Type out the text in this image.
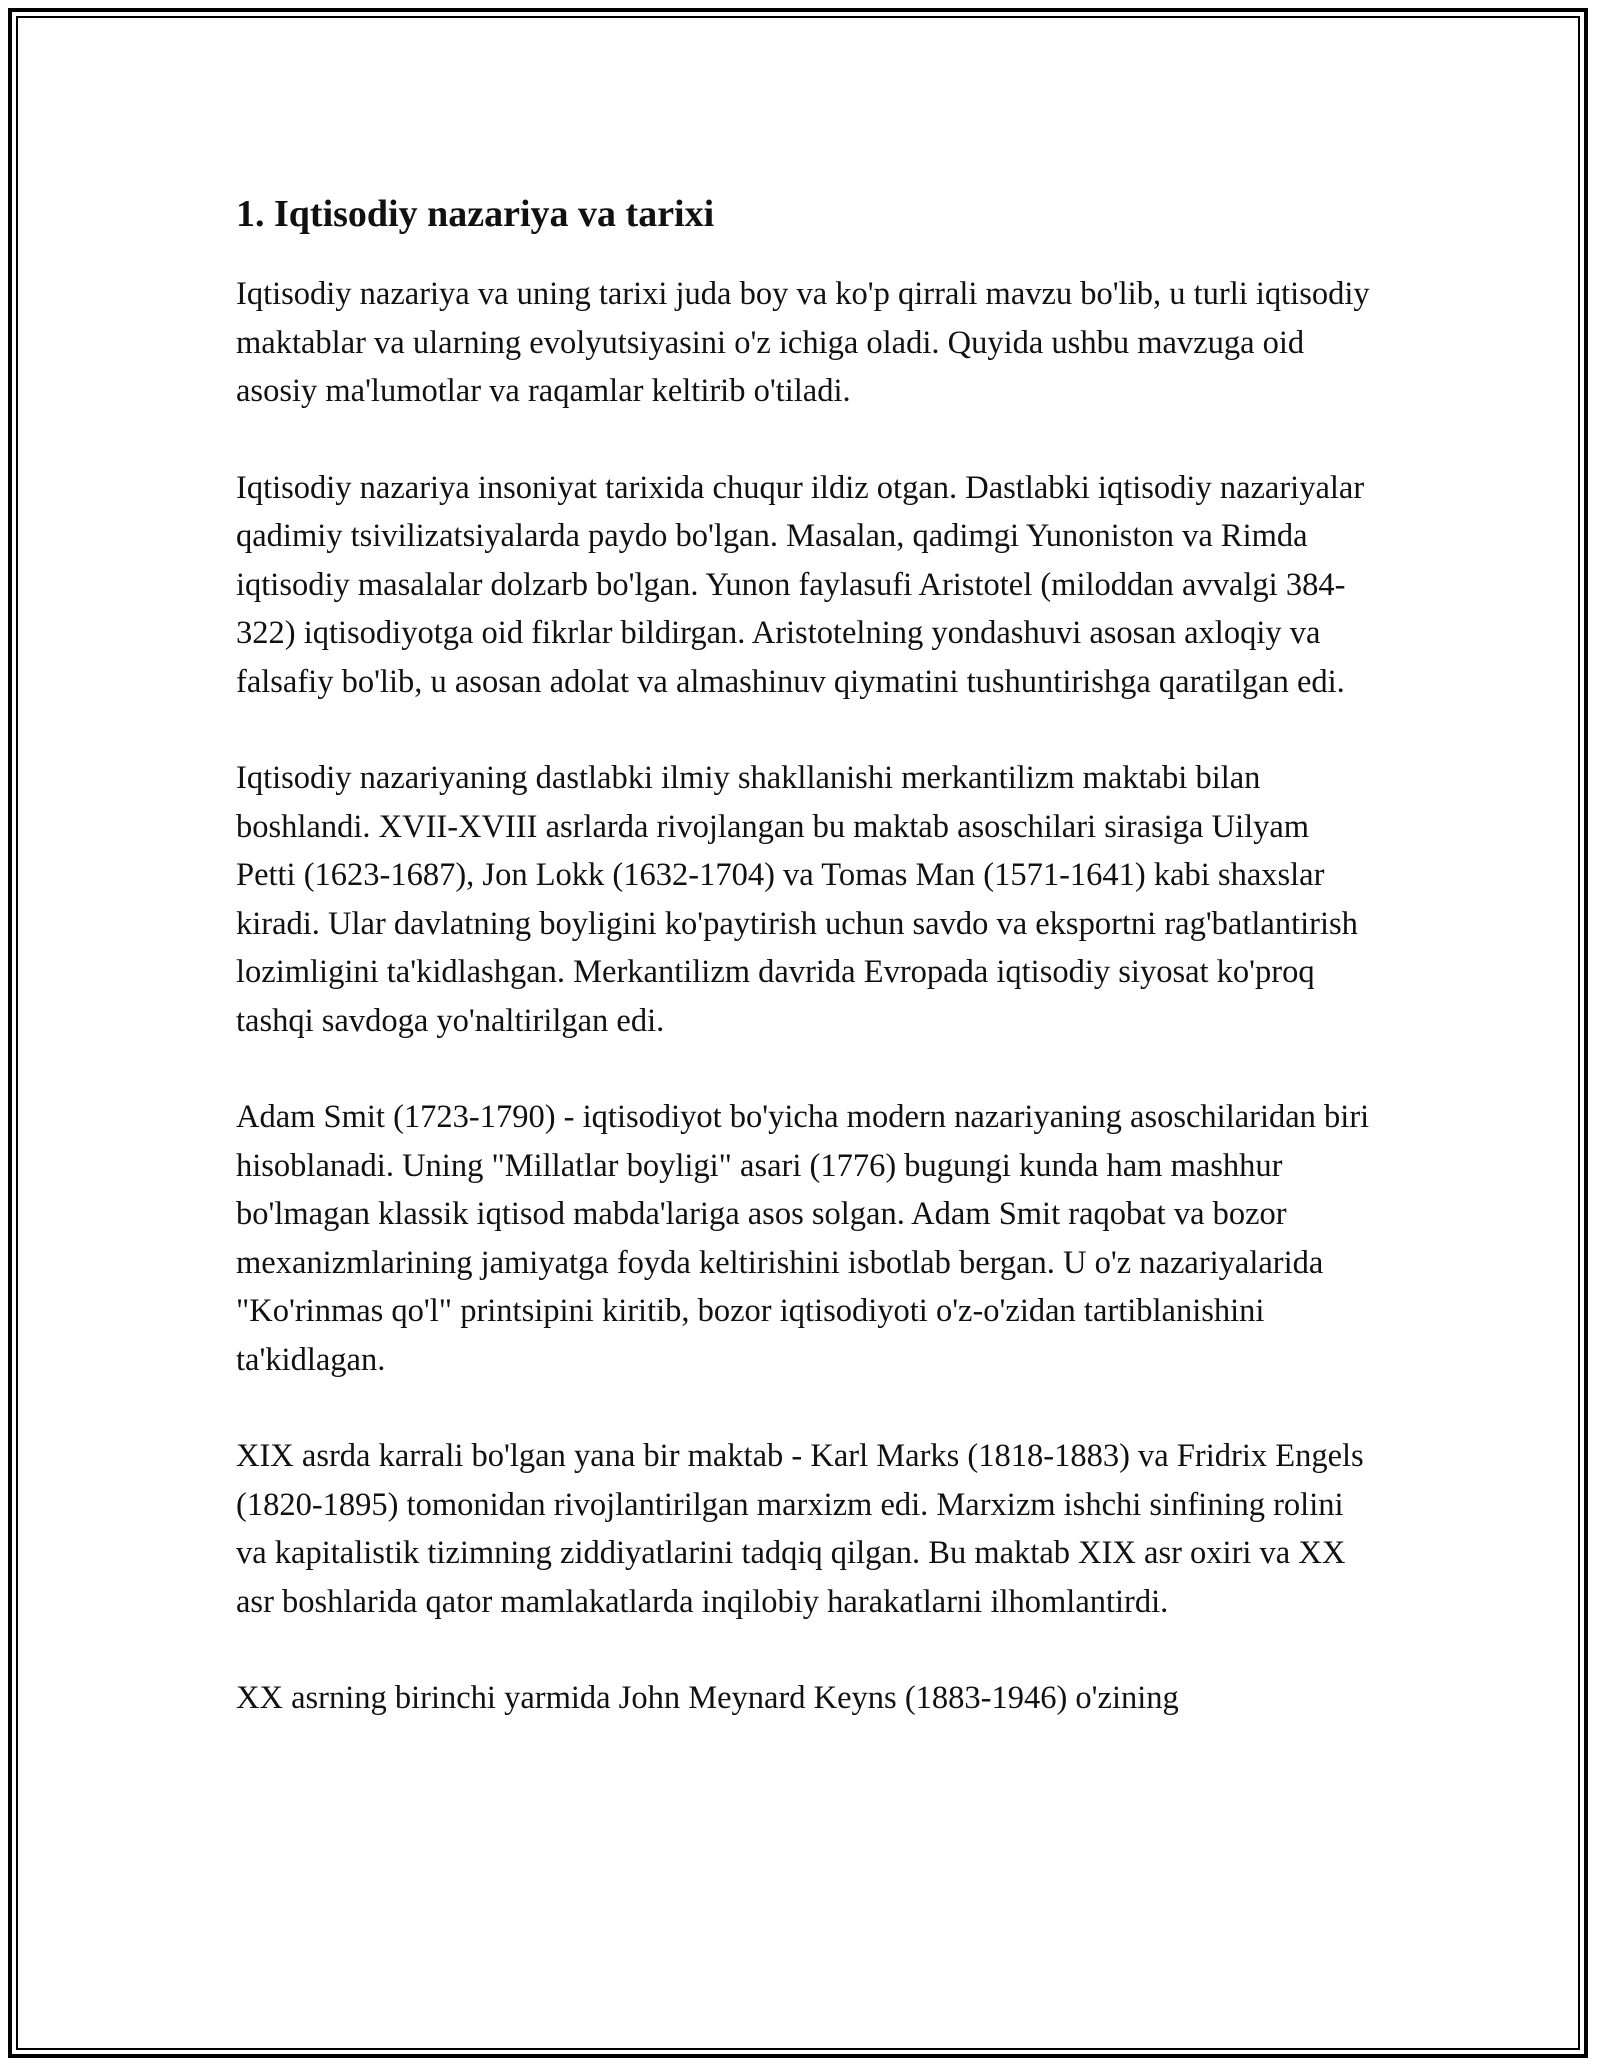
1. Iqtisodiy nazariya va tarixi

Iqtisodiy nazariya va uning tarixi juda boy va ko'p qirrali mavzu bo'lib, u turli iqtisodiy maktablar va ularning evolyutsiyasini o'z ichiga oladi. Quyida ushbu mavzuga oid asosiy ma'lumotlar va raqamlar keltirib o'tiladi.

Iqtisodiy nazariya insoniyat tarixida chuqur ildiz otgan. Dastlabki iqtisodiy nazariyalar qadimiy tsivilizatsiyalarda paydo bo'lgan. Masalan, qadimgi Yunoniston va Rimda iqtisodiy masalalar dolzarb bo'lgan. Yunon faylasufi Aristotel (miloddan avvalgi 384-322) iqtisodiyotga oid fikrlar bildirgan. Aristotelning yondashuvi asosan axloqiy va falsafiy bo'lib, u asosan adolat va almashinuv qiymatini tushuntirishga qaratilgan edi.

Iqtisodiy nazariyaning dastlabki ilmiy shakllanishi merkantilizm maktabi bilan boshlandi. XVII-XVIII asrlarda rivojlangan bu maktab asoschilari sirasiga Uilyam Petti (1623-1687), Jon Lokk (1632-1704) va Tomas Man (1571-1641) kabi shaxslar kiradi. Ular davlatning boyligini ko'paytirish uchun savdo va eksportni rag'batlantirish lozimligini ta'kidlashgan. Merkantilizm davrida Evropada iqtisodiy siyosat ko'proq tashqi savdoga yo'naltirilgan edi.

Adam Smit (1723-1790) - iqtisodiyot bo'yicha modern nazariyaning asoschilaridan biri hisoblanadi. Uning "Millatlar boyligi" asari (1776) bugungi kunda ham mashhur bo'lmagan klassik iqtisod mabda'lariga asos solgan. Adam Smit raqobat va bozor mexanizmlarining jamiyatga foyda keltirishini isbotlab bergan. U o'z nazariyalarida "Ko'rinmas qo'l" printsipini kiritib, bozor iqtisodiyoti o'z-o'zidan tartiblanishini ta'kidlagan.

XIX asrda karrali bo'lgan yana bir maktab - Karl Marks (1818-1883) va Fridrix Engels (1820-1895) tomonidan rivojlantirilgan marxizm edi. Marxizm ishchi sinfining rolini va kapitalistik tizimning ziddiyatlarini tadqiq qilgan. Bu maktab XIX asr oxiri va XX asr boshlarida qator mamlakatlarda inqilobiy harakatlarni ilhomlantirdi.

XX asrning birinchi yarmida John Meynard Keyns (1883-1946) o'zining
